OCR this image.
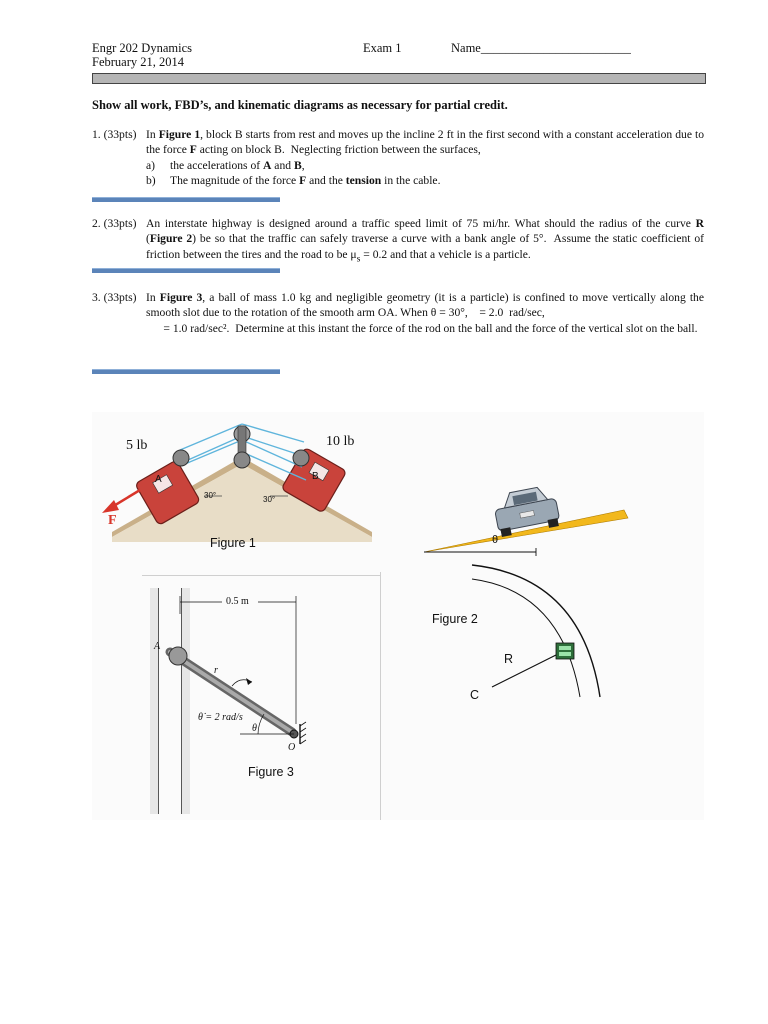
Engr 202 Dynamics
February 21, 2014
Exam 1	Name________________________
Show all work, FBD’s, and kinematic diagrams as necessary for partial credit.
1. (33pts) In Figure 1, block B starts from rest and moves up the incline 2 ft in the first second with a constant acceleration due to the force F acting on block B.  Neglecting friction between the surfaces,
a) the accelerations of A and B,
b) The magnitude of the force F and the tension in the cable.
2. (33pts) An interstate highway is designed around a traffic speed limit of 75 mi/hr. What should the radius of the curve R (Figure 2) be so that the traffic can safely traverse a curve with a bank angle of 5°.  Assume the static coefficient of friction between the tires and the road to be $\mu_s = 0.2$ and that a vehicle is a particle.
3. (33pts) In Figure 3, a ball of mass 1.0 kg and negligible geometry (it is a particle) is confined to move vertically along the smooth slot due to the rotation of the smooth arm OA. When θ = 30°,    = 2.0  rad/sec,
= 1.0 rad/sec².  Determine at this instant the force of the rod on the ball and the force of the vertical slot on the ball.
5 lb	10 lb
A	B
F
30°	30°
Figure 1	θ
Figure 2
R
C
0.5 m
A
r
θ̇ = 2 rad/s
θ
O
Figure 3
